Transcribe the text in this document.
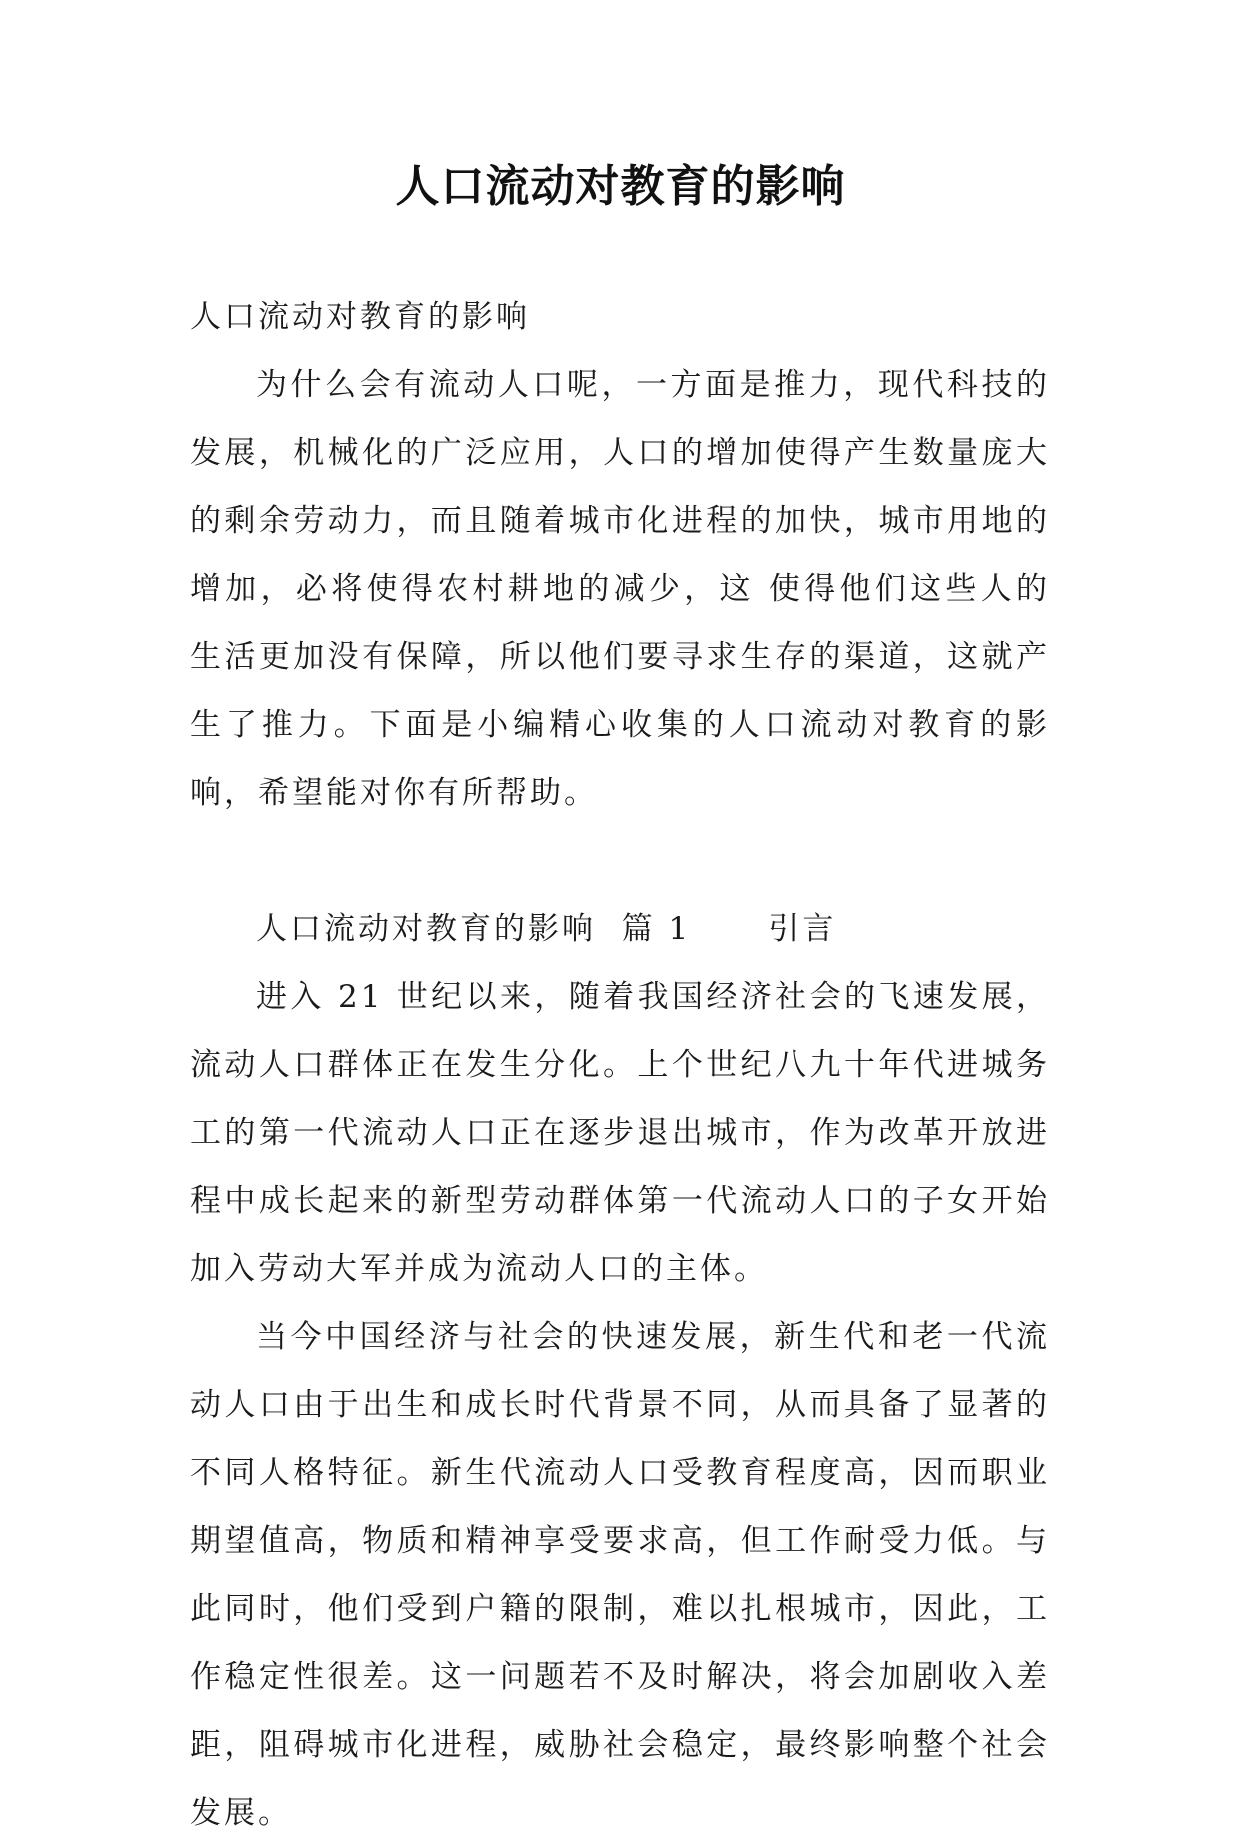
人口流动对教育的影响

人口流动对教育的影响

为什么会有流动人口呢，一方面是推力，现代科技的发展，机械化的广泛应用，人口的增加使得产生数量庞大的剩余劳动力，而且随着城市化进程的加快，城市用地的增加，必将使得农村耕地的减少，这 使得他们这些人的生活更加没有保障，所以他们要寻求生存的渠道，这就产生了推力。下面是小编精心收集的人口流动对教育的影响，希望能对你有所帮助。

人口流动对教育的影响  篇 1      引言

进入 21 世纪以来，随着我国经济社会的飞速发展，流动人口群体正在发生分化。上个世纪八九十年代进城务工的第一代流动人口正在逐步退出城市，作为改革开放进程中成长起来的新型劳动群体第一代流动人口的子女开始加入劳动大军并成为流动人口的主体。

当今中国经济与社会的快速发展，新生代和老一代流动人口由于出生和成长时代背景不同，从而具备了显著的不同人格特征。新生代流动人口受教育程度高，因而职业期望值高，物质和精神享受要求高，但工作耐受力低。与此同时，他们受到户籍的限制，难以扎根城市，因此，工作稳定性很差。这一问题若不及时解决，将会加剧收入差距，阻碍城市化进程，威胁社会稳定，最终影响整个社会发展。
